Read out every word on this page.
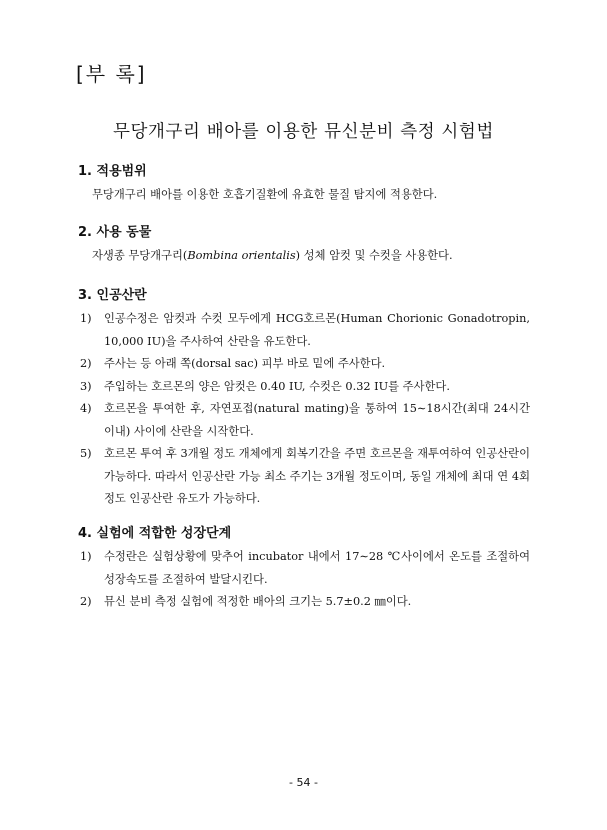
[부 록]
무당개구리 배아를 이용한 뮤신분비 측정 시험법
1. 적용범위
무당개구리 배아를 이용한 호흡기질환에 유효한 물질 탐지에 적용한다.
2. 사용 동물
자생종 무당개구리(Bombina orientalis) 성체 암컷 및 수컷을 사용한다.
3. 인공산란
1)	인공수정은 암컷과 수컷 모두에게 HCG호르몬(Human Chorionic Gonadotropin, 10,000 IU)을 주사하여 산란을 유도한다.
2)	주사는 등 아래 쪽(dorsal sac) 피부 바로 밑에 주사한다.
3)	주입하는 호르몬의 양은 암컷은 0.40 IU, 수컷은 0.32 IU를 주사한다.
4)	호르몬을 투여한 후, 자연포접(natural mating)을 통하여 15∼18시간(최대 24시간 이내) 사이에 산란을 시작한다.
5)	호르몬 투여 후 3개월 정도 개체에게 회복기간을 주면 호르몬을 재투여하여 인공산란이 가능하다. 따라서 인공산란 가능 최소 주기는 3개월 정도이며, 동일 개체에 최대 연 4회 정도 인공산란 유도가 가능하다.
4. 실험에 적합한 성장단계
1)	수정란은 실험상황에 맞추어 incubator 내에서 17∼28 ℃사이에서 온도를 조절하여 성장속도를 조절하여 발달시킨다.
2)	뮤신 분비 측정 실험에 적정한 배아의 크기는 5.7±0.2 ㎜이다.
- 54 -
